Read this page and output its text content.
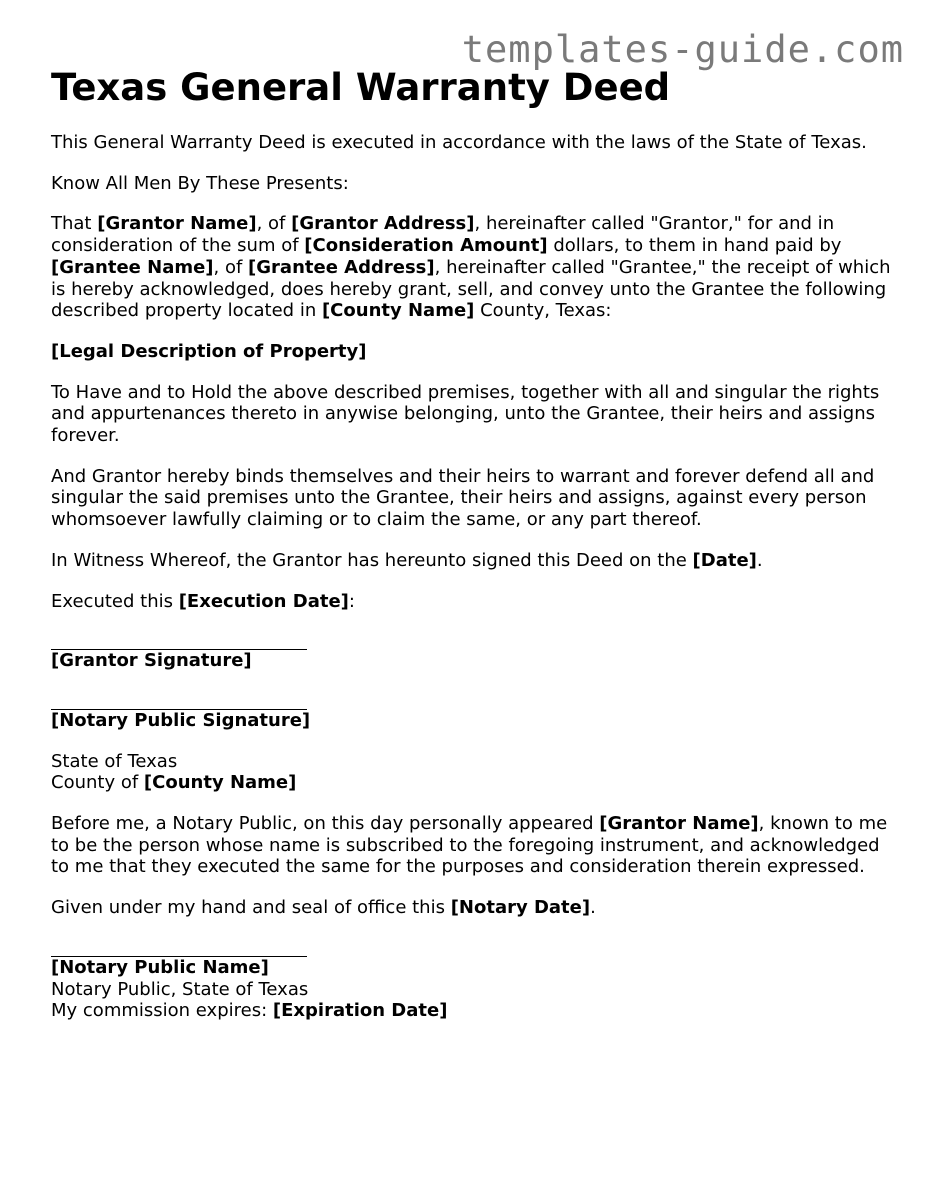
templates-guide.com
Texas General Warranty Deed

This General Warranty Deed is executed in accordance with the laws of the State of Texas.

Know All Men By These Presents:

That [Grantor Name], of [Grantor Address], hereinafter called "Grantor," for and in consideration of the sum of [Consideration Amount] dollars, to them in hand paid by [Grantee Name], of [Grantee Address], hereinafter called "Grantee," the receipt of which is hereby acknowledged, does hereby grant, sell, and convey unto the Grantee the following described property located in [County Name] County, Texas:

[Legal Description of Property]

To Have and to Hold the above described premises, together with all and singular the rights and appurtenances thereto in anywise belonging, unto the Grantee, their heirs and assigns forever.

And Grantor hereby binds themselves and their heirs to warrant and forever defend all and singular the said premises unto the Grantee, their heirs and assigns, against every person whomsoever lawfully claiming or to claim the same, or any part thereof.

In Witness Whereof, the Grantor has hereunto signed this Deed on the [Date].

Executed this [Execution Date]:

[Grantor Signature]

[Notary Public Signature]

State of Texas
County of [County Name]

Before me, a Notary Public, on this day personally appeared [Grantor Name], known to me to be the person whose name is subscribed to the foregoing instrument, and acknowledged to me that they executed the same for the purposes and consideration therein expressed.

Given under my hand and seal of office this [Notary Date].

[Notary Public Name]
Notary Public, State of Texas
My commission expires: [Expiration Date]
